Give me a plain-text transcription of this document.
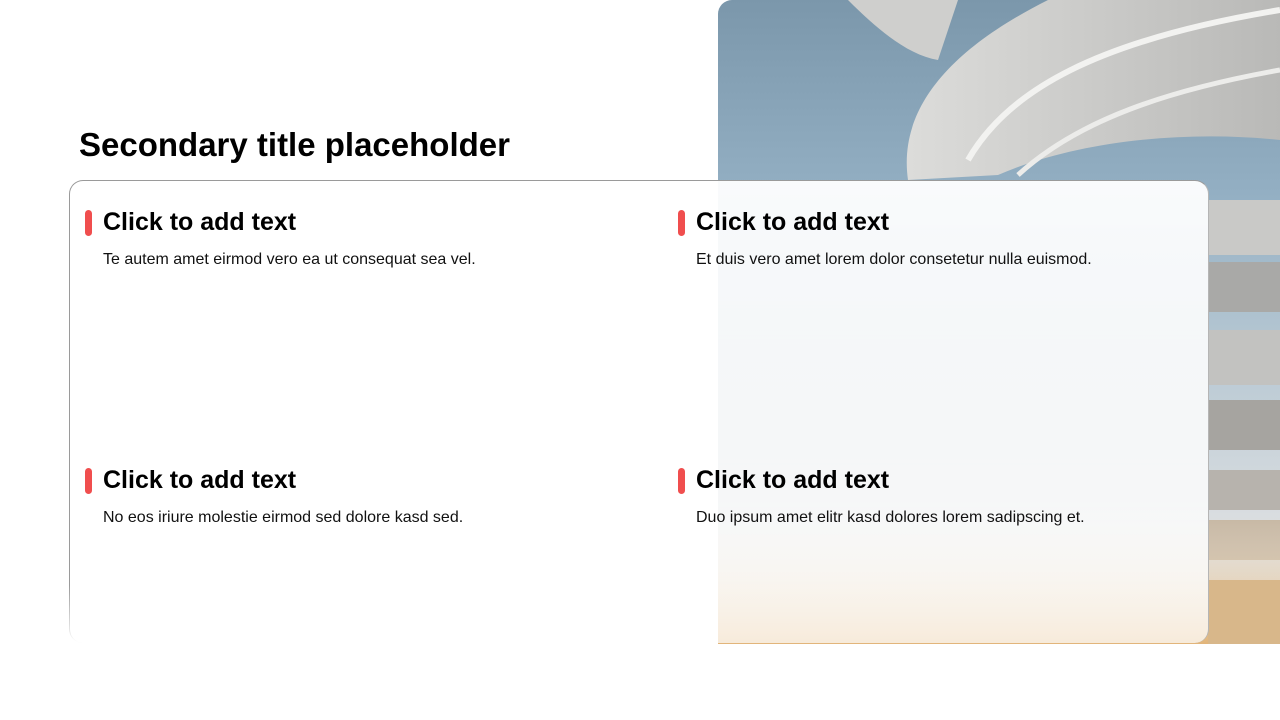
Secondary title placeholder
Click to add text
Te autem amet eirmod vero ea ut consequat sea vel.
Click to add text
Et duis vero amet lorem dolor consetetur nulla euismod.
Click to add text
No eos iriure molestie eirmod sed dolore kasd sed.
Click to add text
Duo ipsum amet elitr kasd dolores lorem sadipscing et.
